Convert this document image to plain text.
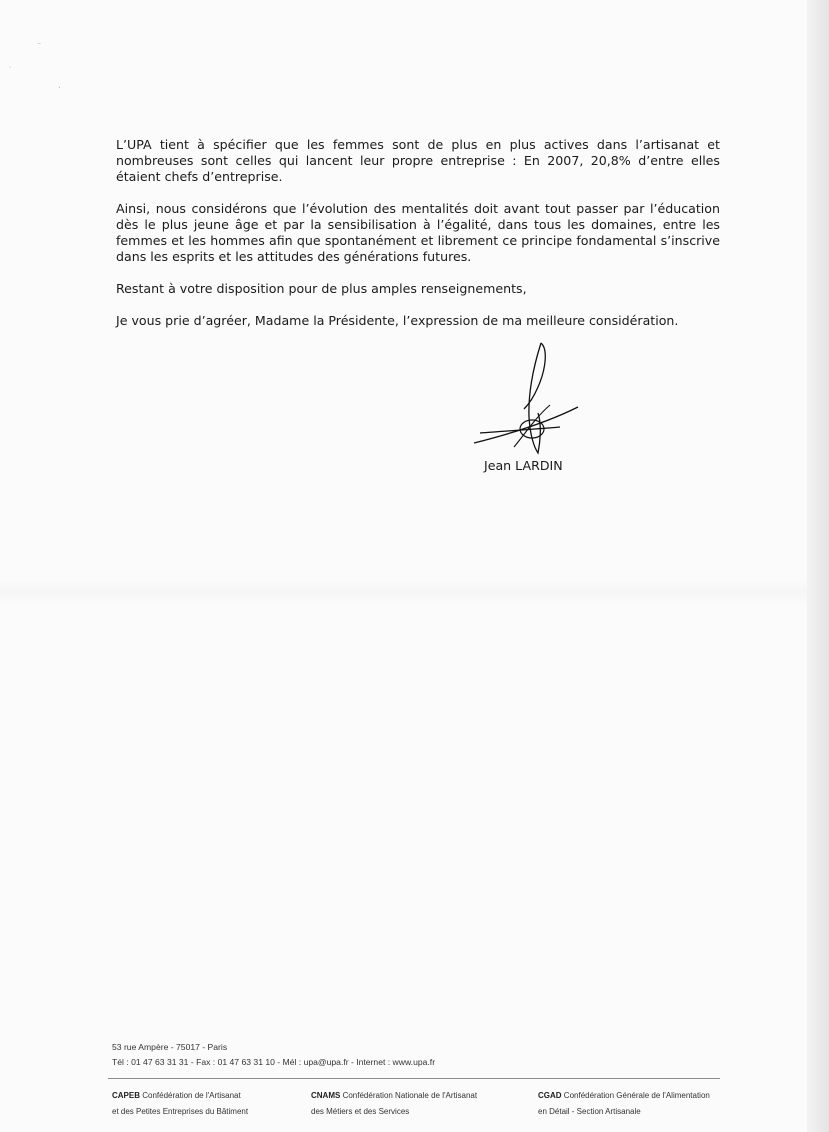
⁻
˙
˴

L’UPA tient à spécifier que les femmes sont de plus en plus actives dans l’artisanat et nombreuses sont celles qui lancent leur propre entreprise : En 2007, 20,8% d’entre elles étaient chefs d’entreprise.

Ainsi, nous considérons que l’évolution des mentalités doit avant tout passer par l’éducation dès le plus jeune âge et par la sensibilisation à l’égalité, dans tous les domaines, entre les femmes et les hommes afin que spontanément et librement ce principe fondamental s’inscrive dans les esprits et les attitudes des générations futures.

Restant à votre disposition pour de plus amples renseignements,

Je vous prie d’agréer, Madame la Présidente, l’expression de ma meilleure considération.

Jean LARDIN
53 rue Ampère - 75017 - Paris
Tél : 01 47 63 31 31 - Fax : 01 47 63 31 10 - Mél : upa@upa.fr - Internet : www.upa.fr
CAPEB Confédération de l'Artisanat
et des Petites Entreprises du Bâtiment
CNAMS Confédération Nationale de l'Artisanat
des Métiers et des Services
CGAD Confédération Générale de l'Alimentation
en Détail - Section Artisanale
